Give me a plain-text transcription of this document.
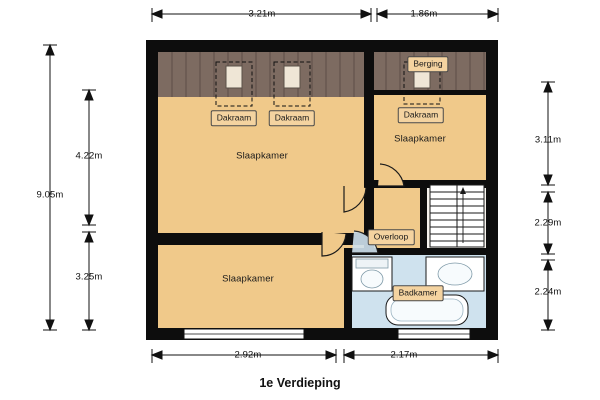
Slaapkamer
Slaapkamer
Slaapkamer
Berging
Overloop
Badkamer
Dakraam	Dakraam	Dakraam
3.21m	1.86m
2.92m	2.17m
9.05m
4.22m
3.25m
3.11m
2.29m
2.24m
1e Verdieping
